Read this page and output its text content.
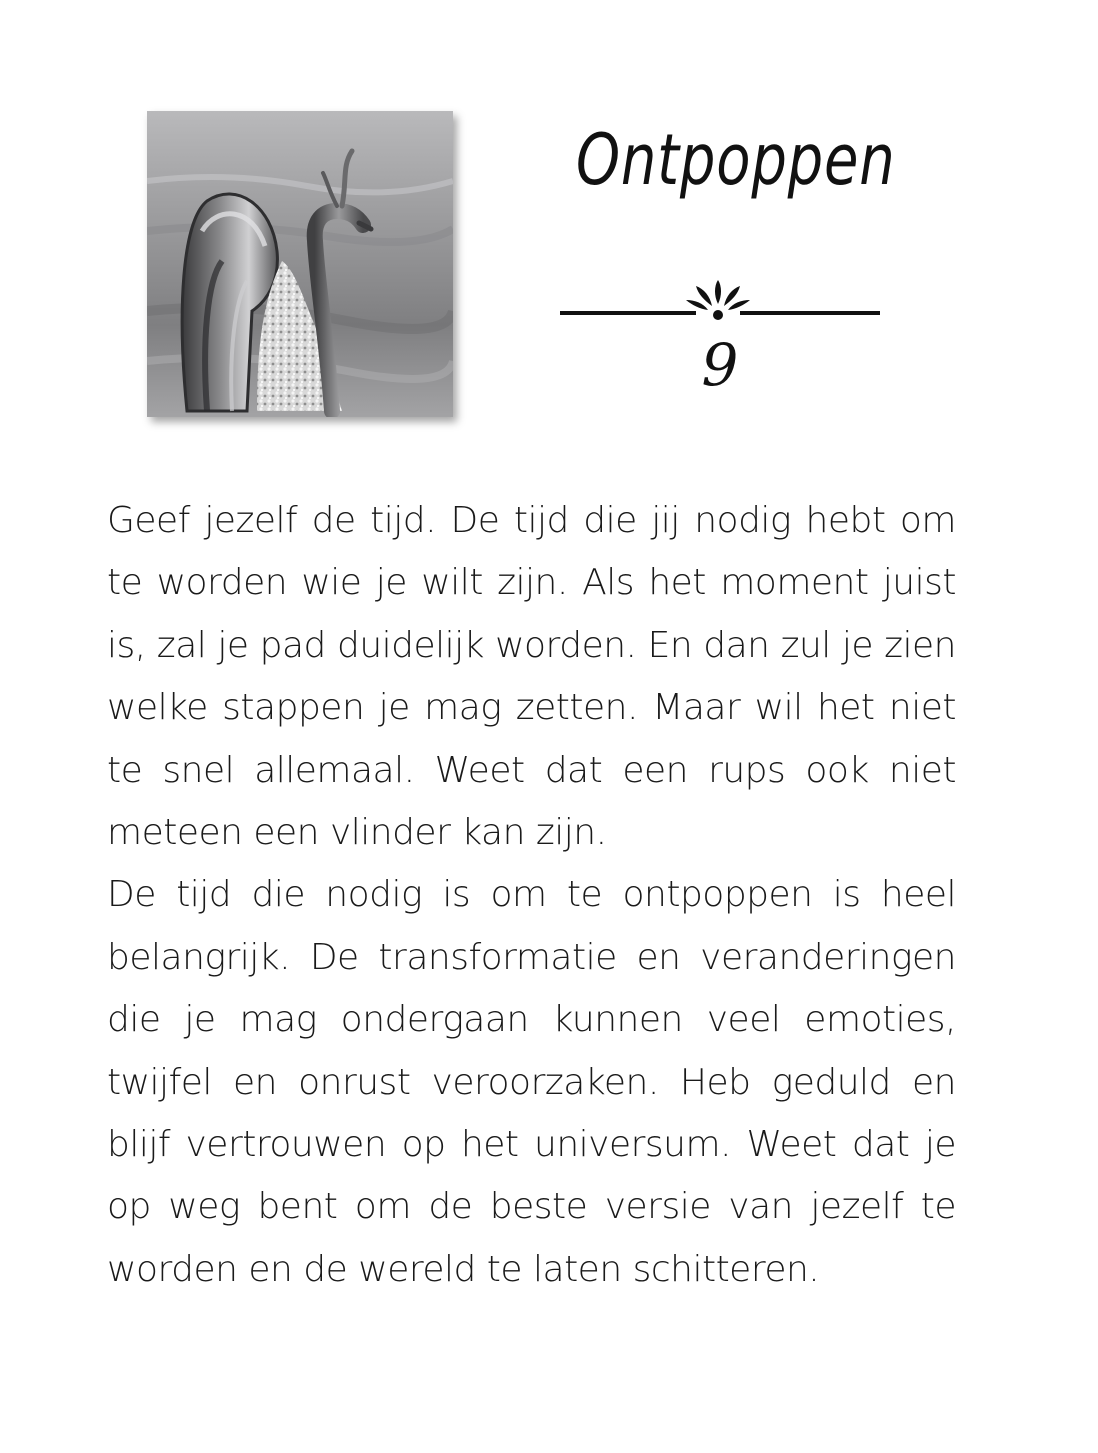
Ontpoppen
9

Geef jezelf de tijd. De tijd die jij nodig hebt om te worden wie je wilt zijn. Als het moment juist is, zal je pad duidelijk worden. En dan zul je zien welke stappen je mag zetten. Maar wil het niet te snel allemaal. Weet dat een rups ook niet meteen een vlinder kan zijn.

De tijd die nodig is om te ontpoppen is heel belangrijk. De transformatie en veranderingen die je mag ondergaan kunnen veel emoties, twijfel en onrust veroorzaken. Heb geduld en blijf vertrouwen op het universum. Weet dat je op weg bent om de beste versie van jezelf te worden en de wereld te laten schitteren.
